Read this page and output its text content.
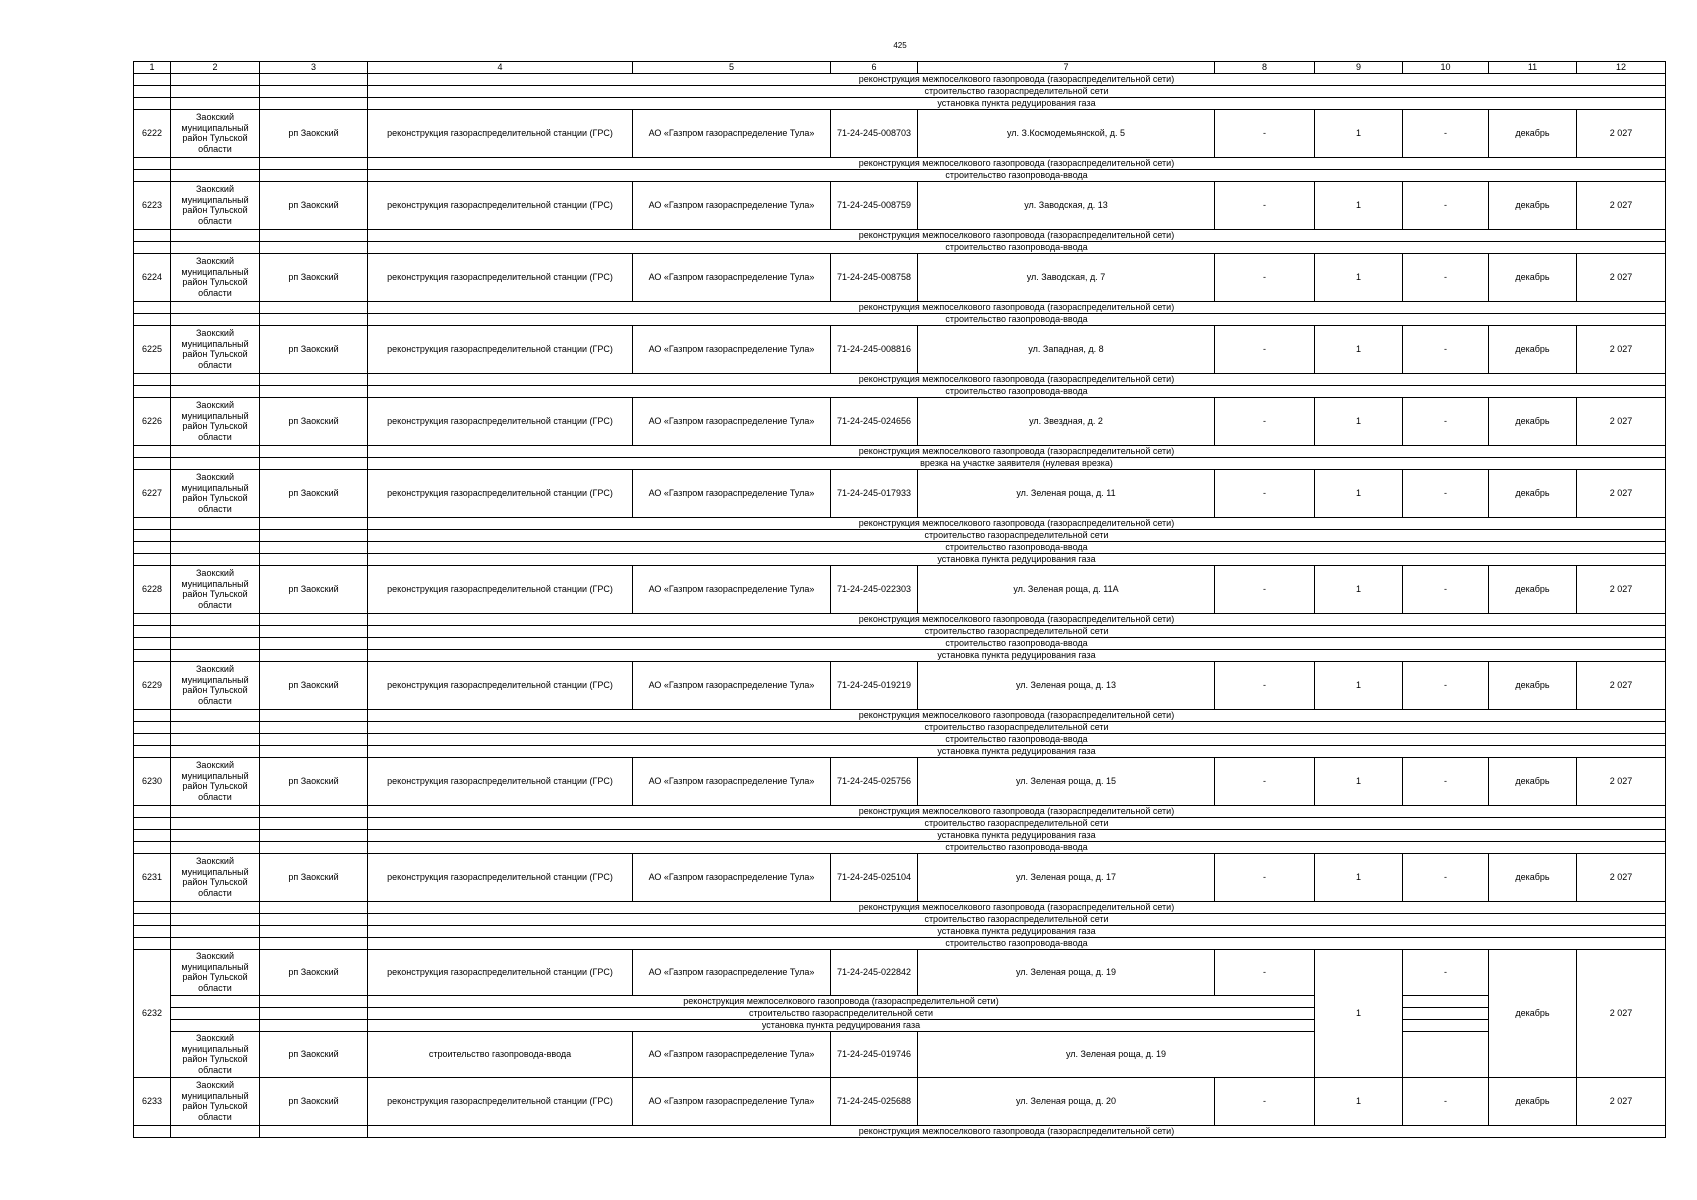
425
1	2	3	4	5	6	7	8	9	10	11	12
			реконструкция межпоселкового газопровода (газораспределительной сети)								
			строительство газораспределительной сети								
			установка пункта редуцирования газа								
6222	Заокский муниципальный район Тульской области	рп Заокский	реконструкция газораспределительной станции (ГРС)	АО «Газпром газораспределение Тула»	71-24-245-008703	ул. З.Космодемьянской, д. 5	-	1	-	декабрь	2 027
			реконструкция межпоселкового газопровода (газораспределительной сети)								
			строительство газопровода-ввода								
6223	Заокский муниципальный район Тульской области	рп Заокский	реконструкция газораспределительной станции (ГРС)	АО «Газпром газораспределение Тула»	71-24-245-008759	ул. Заводская, д. 13	-	1	-	декабрь	2 027
			реконструкция межпоселкового газопровода (газораспределительной сети)								
			строительство газопровода-ввода								
6224	Заокский муниципальный район Тульской области	рп Заокский	реконструкция газораспределительной станции (ГРС)	АО «Газпром газораспределение Тула»	71-24-245-008758	ул. Заводская, д. 7	-	1	-	декабрь	2 027
			реконструкция межпоселкового газопровода (газораспределительной сети)								
			строительство газопровода-ввода								
6225	Заокский муниципальный район Тульской области	рп Заокский	реконструкция газораспределительной станции (ГРС)	АО «Газпром газораспределение Тула»	71-24-245-008816	ул. Западная, д. 8	-	1	-	декабрь	2 027
			реконструкция межпоселкового газопровода (газораспределительной сети)								
			строительство газопровода-ввода								
6226	Заокский муниципальный район Тульской области	рп Заокский	реконструкция газораспределительной станции (ГРС)	АО «Газпром газораспределение Тула»	71-24-245-024656	ул. Звездная, д. 2	-	1	-	декабрь	2 027
			реконструкция межпоселкового газопровода (газораспределительной сети)								
			врезка на участке заявителя (нулевая врезка)								
6227	Заокский муниципальный район Тульской области	рп Заокский	реконструкция газораспределительной станции (ГРС)	АО «Газпром газораспределение Тула»	71-24-245-017933	ул. Зеленая роща, д. 11	-	1	-	декабрь	2 027
			реконструкция межпоселкового газопровода (газораспределительной сети)								
			строительство газораспределительной сети								
			строительство газопровода-ввода								
			установка пункта редуцирования газа								
6228	Заокский муниципальный район Тульской области	рп Заокский	реконструкция газораспределительной станции (ГРС)	АО «Газпром газораспределение Тула»	71-24-245-022303	ул. Зеленая роща, д. 11А	-	1	-	декабрь	2 027
			реконструкция межпоселкового газопровода (газораспределительной сети)								
			строительство газораспределительной сети								
			строительство газопровода-ввода								
			установка пункта редуцирования газа								
6229	Заокский муниципальный район Тульской области	рп Заокский	реконструкция газораспределительной станции (ГРС)	АО «Газпром газораспределение Тула»	71-24-245-019219	ул. Зеленая роща, д. 13	-	1	-	декабрь	2 027
			реконструкция межпоселкового газопровода (газораспределительной сети)								
			строительство газораспределительной сети								
			строительство газопровода-ввода								
			установка пункта редуцирования газа								
6230	Заокский муниципальный район Тульской области	рп Заокский	реконструкция газораспределительной станции (ГРС)	АО «Газпром газораспределение Тула»	71-24-245-025756	ул. Зеленая роща, д. 15	-	1	-	декабрь	2 027
			реконструкция межпоселкового газопровода (газораспределительной сети)								
			строительство газораспределительной сети								
			установка пункта редуцирования газа								
			строительство газопровода-ввода								
6231	Заокский муниципальный район Тульской области	рп Заокский	реконструкция газораспределительной станции (ГРС)	АО «Газпром газораспределение Тула»	71-24-245-025104	ул. Зеленая роща, д. 17	-	1	-	декабрь	2 027
			реконструкция межпоселкового газопровода (газораспределительной сети)								
			строительство газораспределительной сети								
			установка пункта редуцирования газа								
			строительство газопровода-ввода								
6232	Заокский муниципальный район Тульской области	рп Заокский	реконструкция газораспределительной станции (ГРС)	АО «Газпром газораспределение Тула»	71-24-245-022842	ул. Зеленая роща, д. 19	-	1	-	декабрь	2 027
			реконструкция межпоселкового газопровода (газораспределительной сети)								
			строительство газораспределительной сети								
			установка пункта редуцирования газа								
	Заокский муниципальный район Тульской области	рп Заокский	строительство газопровода-ввода	АО «Газпром газораспределение Тула»	71-24-245-019746	ул. Зеленая роща, д. 19					
6233	Заокский муниципальный район Тульской области	рп Заокский	реконструкция газораспределительной станции (ГРС)	АО «Газпром газораспределение Тула»	71-24-245-025688	ул. Зеленая роща, д. 20	-	1	-	декабрь	2 027
			реконструкция межпоселкового газопровода (газораспределительной сети)								
